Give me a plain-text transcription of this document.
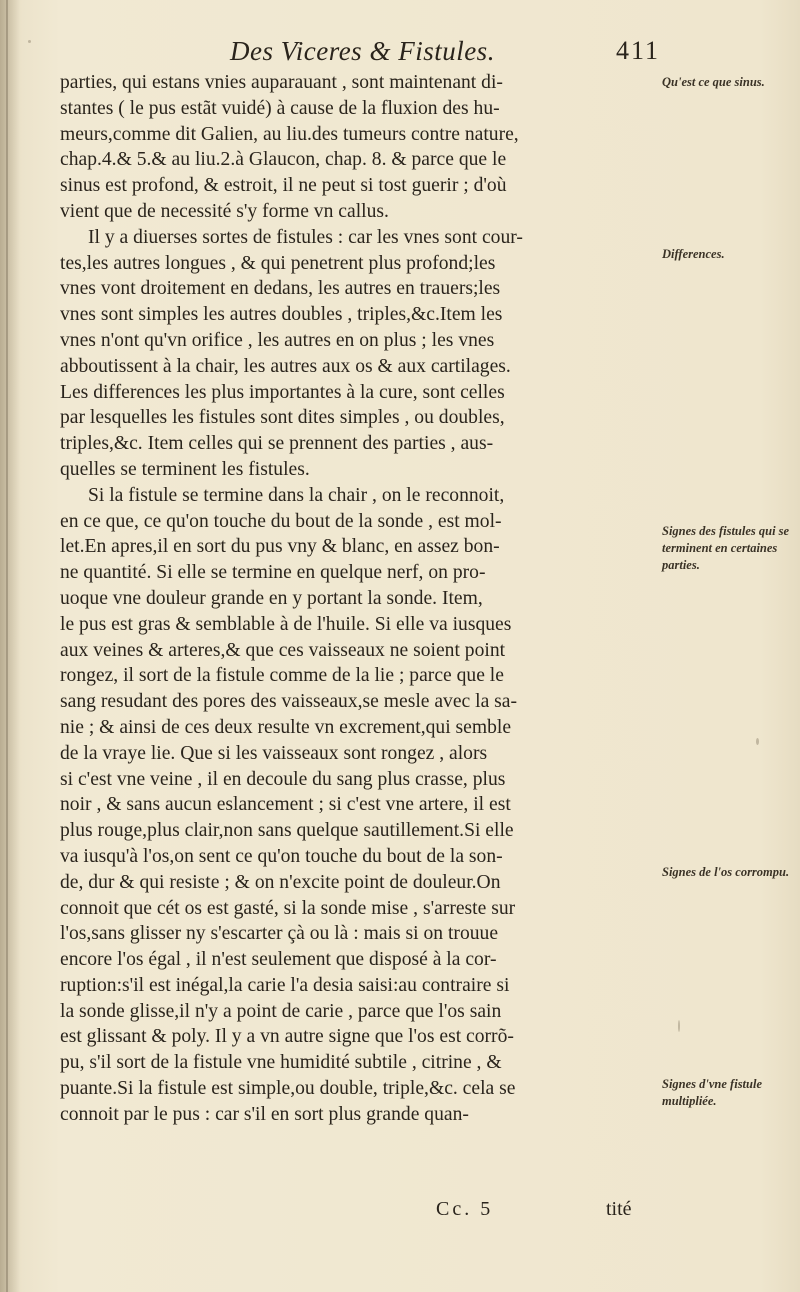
Des Viceres & Fistules.	411
parties, qui estans vnies auparauant , sont maintenant di-
stantes ( le pus estãt vuidé) à cause de la fluxion des hu-
meurs,comme dit Galien, au liu.des tumeurs contre nature,
chap.4.& 5.& au liu.2.à Glaucon, chap. 8. & parce que le
sinus est profond, & estroit, il ne peut si tost guerir ; d'où
vient que de necessité s'y forme vn callus.
Il y a diuerses sortes de fistules : car les vnes sont cour-
tes,les autres longues , & qui penetrent plus profond;les
vnes vont droitement en dedans, les autres en trauers;les
vnes sont simples les autres doubles , triples,&c.Item les
vnes n'ont qu'vn orifice , les autres en on plus ; les vnes
abboutissent à la chair, les autres aux os & aux cartilages.
Les differences les plus importantes à la cure, sont celles
par lesquelles les fistules sont dites simples , ou doubles,
triples,&c. Item celles qui se prennent des parties , aus-
quelles se terminent les fistules.
Si la fistule se termine dans la chair , on le reconnoit,
en ce que, ce qu'on touche du bout de la sonde , est mol-
let.En apres,il en sort du pus vny & blanc, en assez bon-
ne quantité. Si elle se termine en quelque nerf, on pro-
uoque vne douleur grande en y portant la sonde. Item,
le pus est gras & semblable à de l'huile. Si elle va iusques
aux veines & arteres,& que ces vaisseaux ne soient point
rongez, il sort de la fistule comme de la lie ; parce que le
sang resudant des pores des vaisseaux,se mesle avec la sa-
nie ; & ainsi de ces deux resulte vn excrement,qui semble
de la vraye lie. Que si les vaisseaux sont rongez , alors
si c'est vne veine , il en decoule du sang plus crasse, plus
noir , & sans aucun eslancement ; si c'est vne artere, il est
plus rouge,plus clair,non sans quelque sautillement.Si elle
va iusqu'à l'os,on sent ce qu'on touche du bout de la son-
de, dur & qui resiste ; & on n'excite point de douleur.On
connoit que cét os est gasté, si la sonde mise , s'arreste sur
l'os,sans glisser ny s'escarter çà ou là : mais si on trouue
encore l'os égal , il n'est seulement que disposé à la cor-
ruption:s'il est inégal,la carie l'a desia saisi:au contraire si
la sonde glisse,il n'y a point de carie , parce que l'os sain
est glissant & poly. Il y a vn autre signe que l'os est corrõ-
pu, s'il sort de la fistule vne humidité subtile , citrine , &
puante.Si la fistule est simple,ou double, triple,&c. cela se
connoit par le pus : car s'il en sort plus grande quan-
Qu'est ce que sinus.
Differences.
Signes des fistules qui se terminent en certaines parties.
Signes de l'os corrompu.
Signes d'vne fistule multipliée.
Cc. 5	tité
